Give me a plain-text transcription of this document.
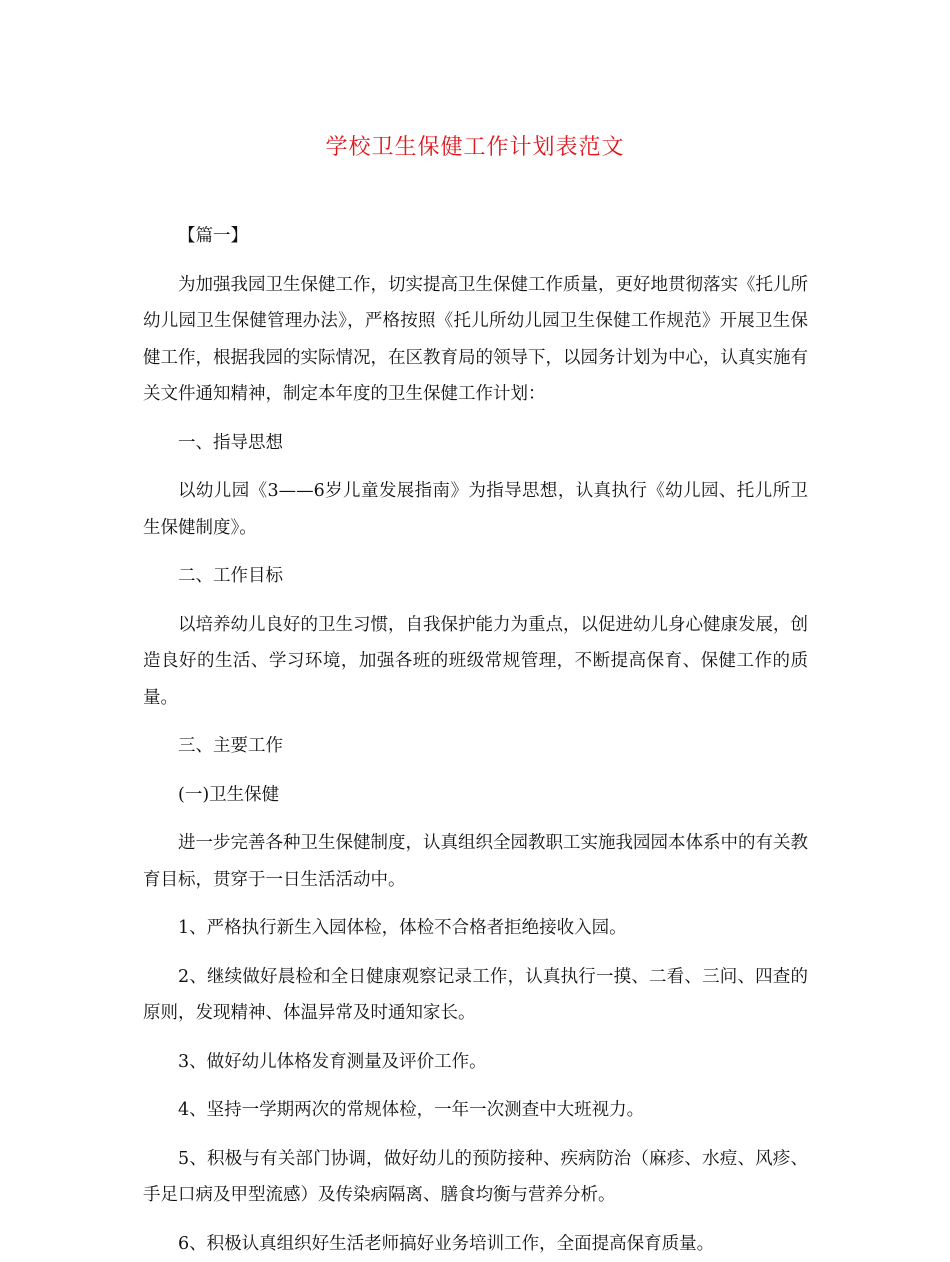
学校卫生保健工作计划表范文

【篇一】

为加强我园卫生保健工作，切实提高卫生保健工作质量，更好地贯彻落实《托儿所幼儿园卫生保健管理办法》，严格按照《托儿所幼儿园卫生保健工作规范》开展卫生保健工作，根据我园的实际情况，在区教育局的领导下，以园务计划为中心，认真实施有关文件通知精神，制定本年度的卫生保健工作计划：

一、指导思想

以幼儿园《3——6岁儿童发展指南》为指导思想，认真执行《幼儿园、托儿所卫生保健制度》。

二、工作目标

以培养幼儿良好的卫生习惯，自我保护能力为重点，以促进幼儿身心健康发展，创造良好的生活、学习环境，加强各班的班级常规管理，不断提高保育、保健工作的质量。

三、主要工作

(一)卫生保健

进一步完善各种卫生保健制度，认真组织全园教职工实施我园园本体系中的有关教育目标，贯穿于一日生活活动中。

1、严格执行新生入园体检，体检不合格者拒绝接收入园。

2、继续做好晨检和全日健康观察记录工作，认真执行一摸、二看、三问、四查的原则，发现精神、体温异常及时通知家长。

3、做好幼儿体格发育测量及评价工作。

4、坚持一学期两次的常规体检，一年一次测查中大班视力。

5、积极与有关部门协调，做好幼儿的预防接种、疾病防治（麻疹、水痘、风疹、手足口病及甲型流感）及传染病隔离、膳食均衡与营养分析。

6、积极认真组织好生活老师搞好业务培训工作，全面提高保育质量。
